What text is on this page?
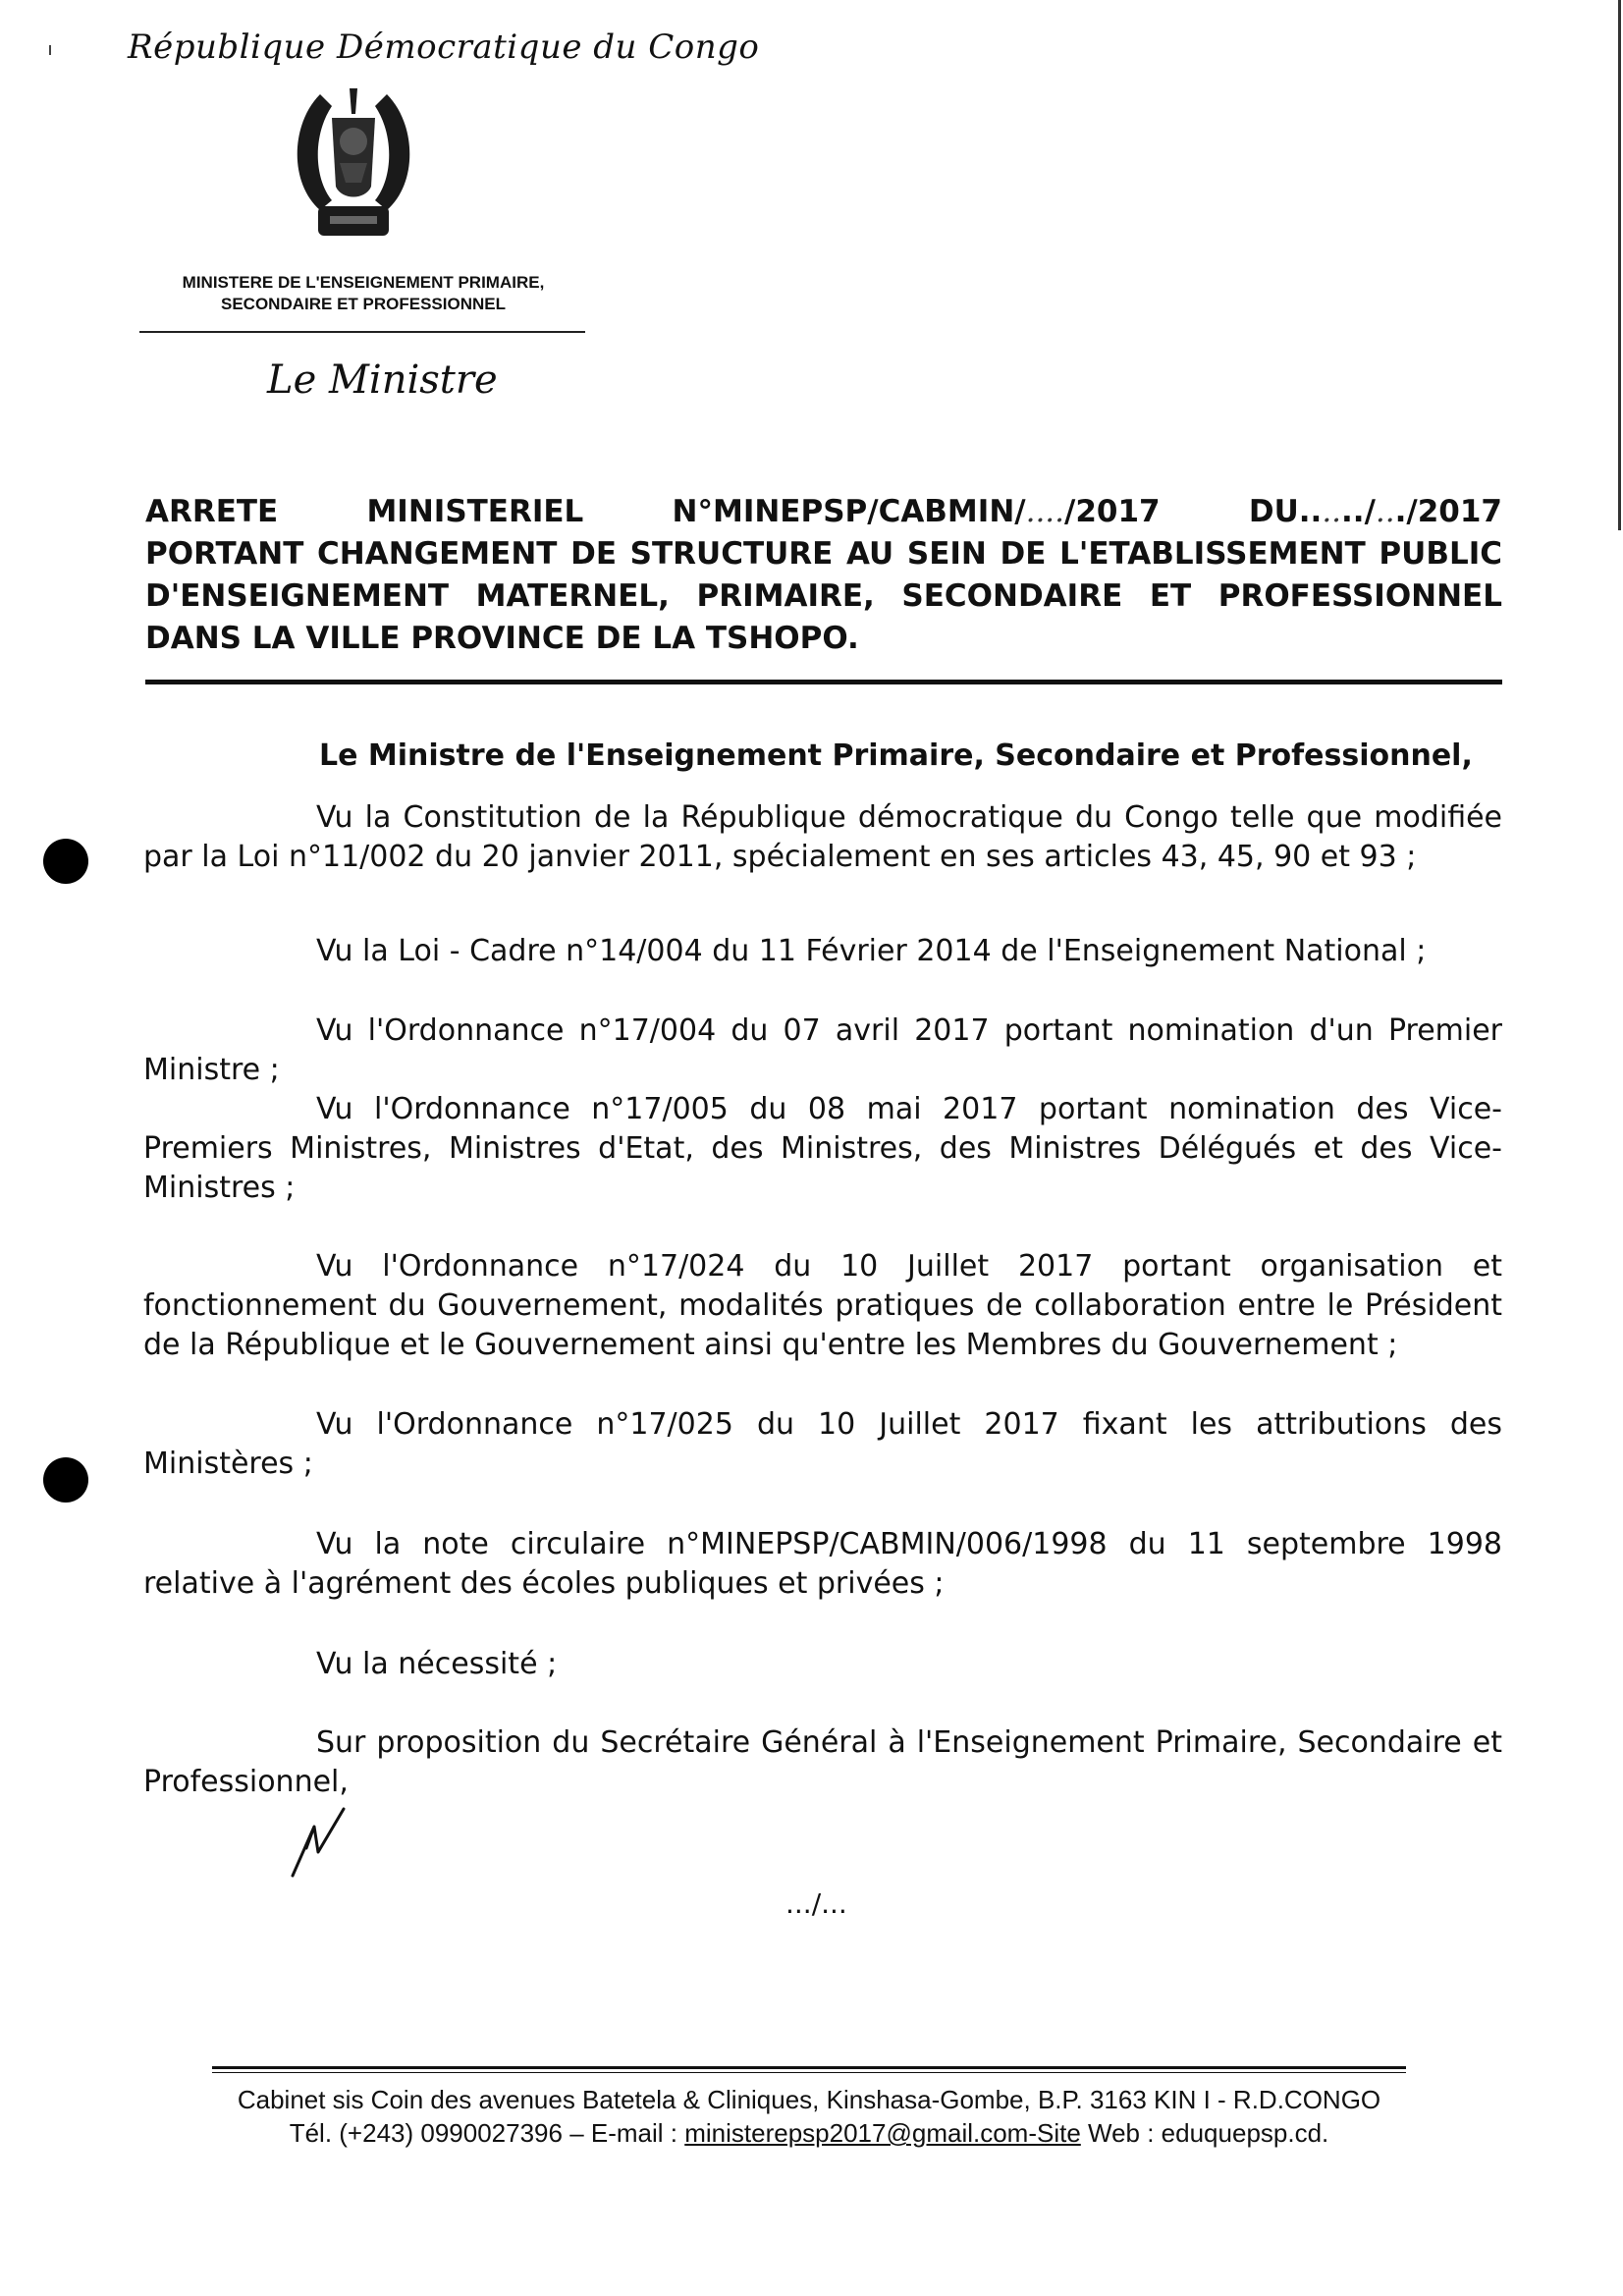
République Démocratique du Congo
MINISTERE DE L'ENSEIGNEMENT PRIMAIRE,
SECONDAIRE ET PROFESSIONNEL
Le Ministre
ARRETE MINISTERIEL N°MINEPSP/CABMIN/..../2017 DU....../.../2017
PORTANT CHANGEMENT DE STRUCTURE AU SEIN DE L'ETABLISSEMENT PUBLIC
D'ENSEIGNEMENT MATERNEL, PRIMAIRE, SECONDAIRE ET PROFESSIONNEL
DANS LA VILLE PROVINCE DE LA TSHOPO.
Le Ministre de l'Enseignement Primaire, Secondaire et Professionnel,

Vu la Constitution de la République démocratique du Congo telle que modifiée par la Loi n°11/002 du 20 janvier 2011, spécialement en ses articles 43, 45, 90 et 93 ;

Vu la Loi - Cadre n°14/004 du 11 Février 2014 de l'Enseignement National ;

Vu l'Ordonnance n°17/004 du 07 avril 2017 portant nomination d'un Premier Ministre ;

Vu l'Ordonnance n°17/005 du 08 mai 2017 portant nomination des Vice-Premiers Ministres, Ministres d'Etat, des Ministres, des Ministres Délégués et des Vice-Ministres ;

Vu l'Ordonnance n°17/024 du 10 Juillet 2017 portant organisation et fonctionnement du Gouvernement, modalités pratiques de collaboration entre le Président de la République et le Gouvernement ainsi qu'entre les Membres du Gouvernement ;

Vu l'Ordonnance n°17/025 du 10 Juillet 2017 fixant les attributions des Ministères ;

Vu la note circulaire n°MINEPSP/CABMIN/006/1998 du 11 septembre 1998 relative à l'agrément des écoles publiques et privées ;

Vu la nécessité ;

Sur proposition du Secrétaire Général à l'Enseignement Primaire, Secondaire et Professionnel,

.../...
Cabinet sis Coin des avenues Batetela & Cliniques, Kinshasa-Gombe, B.P. 3163 KIN I - R.D.CONGO
Tél. (+243) 0990027396 – E-mail : ministerepsp2017@gmail.com-Site Web : eduquepsp.cd.
